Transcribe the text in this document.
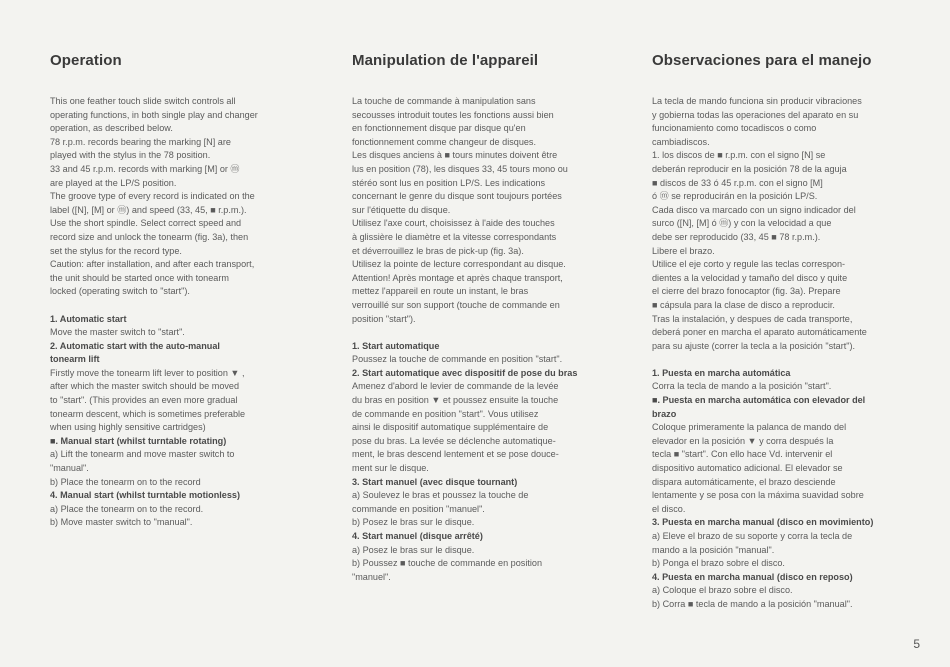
Operation

This one feather touch slide switch controls all
operating functions, in both single play and changer
operation, as described below.
78 r.p.m. records bearing the marking [N] are
played with the stylus in the 78 position.
33 and 45 r.p.m. records with marking [M] or ⓜ
are played at the LP/S position.
The groove type of every record is indicated on the
label ([N], [M] or ⓜ) and speed (33, 45, ■ r.p.m.).
Use the short spindle. Select correct speed and
record size and unlock the tonearm (fig. 3a), then
set the stylus for the record type.
Caution: after installation, and after each transport,
the unit should be started once with tonearm
locked (operating switch to "start").

1. Automatic start

Move the master switch to "start".

2. Automatic start with the auto-manual
tonearm lift

Firstly move the tonearm lift lever to position ▼ ,
after which the master switch should be moved
to "start". (This provides an even more gradual
tonearm descent, which is sometimes preferable
when using highly sensitive cartridges)

■. Manual start (whilst turntable rotating)

a) Lift the tonearm and move master switch to
"manual".
b) Place the tonearm on to the record

4. Manual start (whilst turntable motionless)

a) Place the tonearm on to the record.
b) Move master switch to "manual".

Manipulation de l'appareil

La touche de commande à manipulation sans
secousses introduit toutes les fonctions aussi bien
en fonctionnement disque par disque qu'en
fonctionnement comme changeur de disques.
Les disques anciens à ■ tours minutes doivent être
lus en position (78), les disques 33, 45 tours mono ou
stéréo sont lus en position LP/S. Les indications
concernant le genre du disque sont toujours portées
sur l'étiquette du disque.
Utilisez l'axe court, choisissez à l'aide des touches
à glissière le diamètre et la vitesse correspondants
et déverrouillez le bras de pick-up (fig. 3a).
Utilisez la pointe de lecture correspondant au disque.
Attention! Après montage et après chaque transport,
mettez l'appareil en route un instant, le bras
verrouillé sur son support (touche de commande en
position "start").

1. Start automatique

Poussez la touche de commande en position "start".

2. Start automatique avec dispositif de pose du bras

Amenez d'abord le levier de commande de la levée
du bras en position ▼ et poussez ensuite la touche
de commande en position "start". Vous utilisez
ainsi le dispositif automatique supplémentaire de
pose du bras. La levée se déclenche automatique-
ment, le bras descend lentement et se pose douce-
ment sur le disque.

3. Start manuel (avec disque tournant)

a) Soulevez le bras et poussez la touche de
commande en position "manuel".
b) Posez le bras sur le disque.

4. Start manuel (disque arrêté)

a) Posez le bras sur le disque.
b) Poussez ■ touche de commande en position
"manuel".

Observaciones para el manejo

La tecla de mando funciona sin producir vibraciones
y gobierna todas las operaciones del aparato en su
funcionamiento como tocadiscos o como
cambiadiscos.
1. los discos de ■ r.p.m. con el signo [N] se
deberán reproducir en la posición 78 de la aguja
■ discos de 33 ó 45 r.p.m. con el signo [M]
ó ⓜ se reproducirán en la posición LP/S.
Cada disco va marcado con un signo indicador del
surco ([N], [M] ó ⓜ) y con la velocidad a que
debe ser reproducido (33, 45 ■ 78 r.p.m.).
Libere el brazo.
Utilice el eje corto y regule las teclas correspon-
dientes a la velocidad y tamaño del disco y quite
el cierre del brazo fonocaptor (fig. 3a). Prepare
■ cápsula para la clase de disco a reproducir.
Tras la instalación, y despues de cada transporte,
deberá poner en marcha el aparato automáticamente
para su ajuste (correr la tecla a la posición "start").

1. Puesta en marcha automática

Corra la tecla de mando a la posición "start".

■. Puesta en marcha automática con elevador del
brazo

Coloque primeramente la palanca de mando del
elevador en la posición ▼ y corra después la
tecla ■ "start". Con ello hace Vd. intervenir el
dispositivo automatico adicional. El elevador se
dispara automáticamente, el brazo desciende
lentamente y se posa con la máxima suavidad sobre
el disco.

3. Puesta en marcha manual (disco en movimiento)

a) Eleve el brazo de su soporte y corra la tecla de
mando a la posición "manual".
b) Ponga el brazo sobre el disco.

4. Puesta en marcha manual (disco en reposo)

a) Coloque el brazo sobre el disco.
b) Corra ■ tecla de mando a la posición "manual".

5
